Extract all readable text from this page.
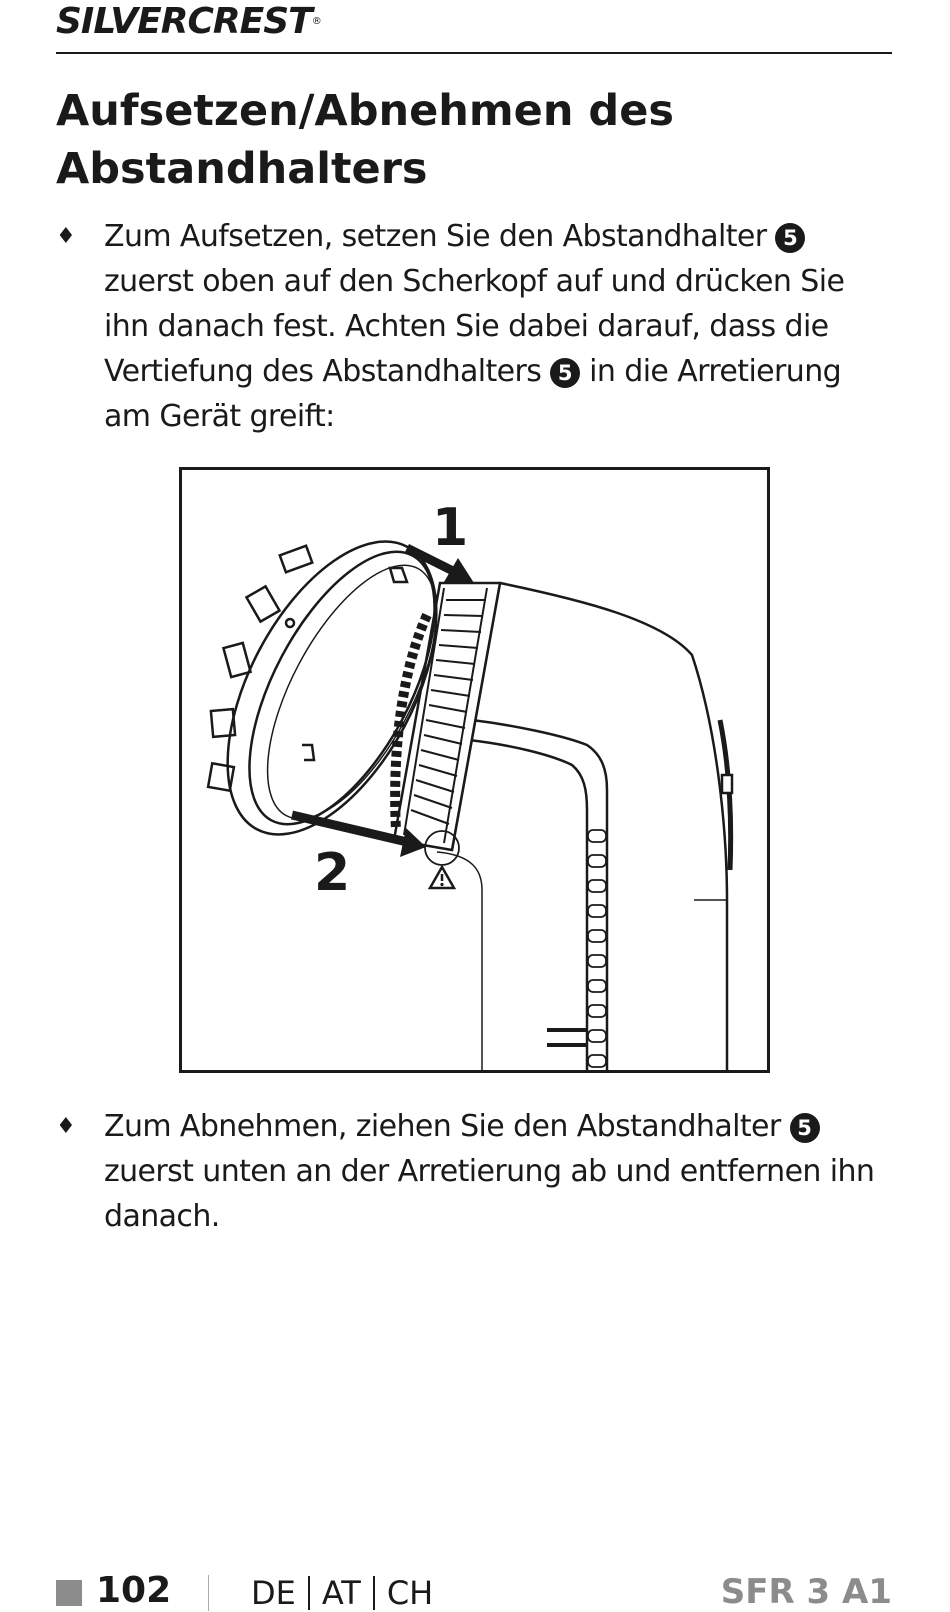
SILVERCREST®
Aufsetzen/Abnehmen des Abstandhalters
♦ Zum Aufsetzen, setzen Sie den Abstandhalter 5 zuerst oben auf den Scherkopf auf und drücken Sie ihn danach fest. Achten Sie dabei darauf, dass die Vertiefung des Abstandhalters 5 in die Arretierung am Gerät greift:
1
2
♦ Zum Abnehmen, ziehen Sie den Abstandhalter 5 zuerst unten an der Arretierung ab und entfernen ihn danach.
102 DE AT CH	SFR 3 A1
